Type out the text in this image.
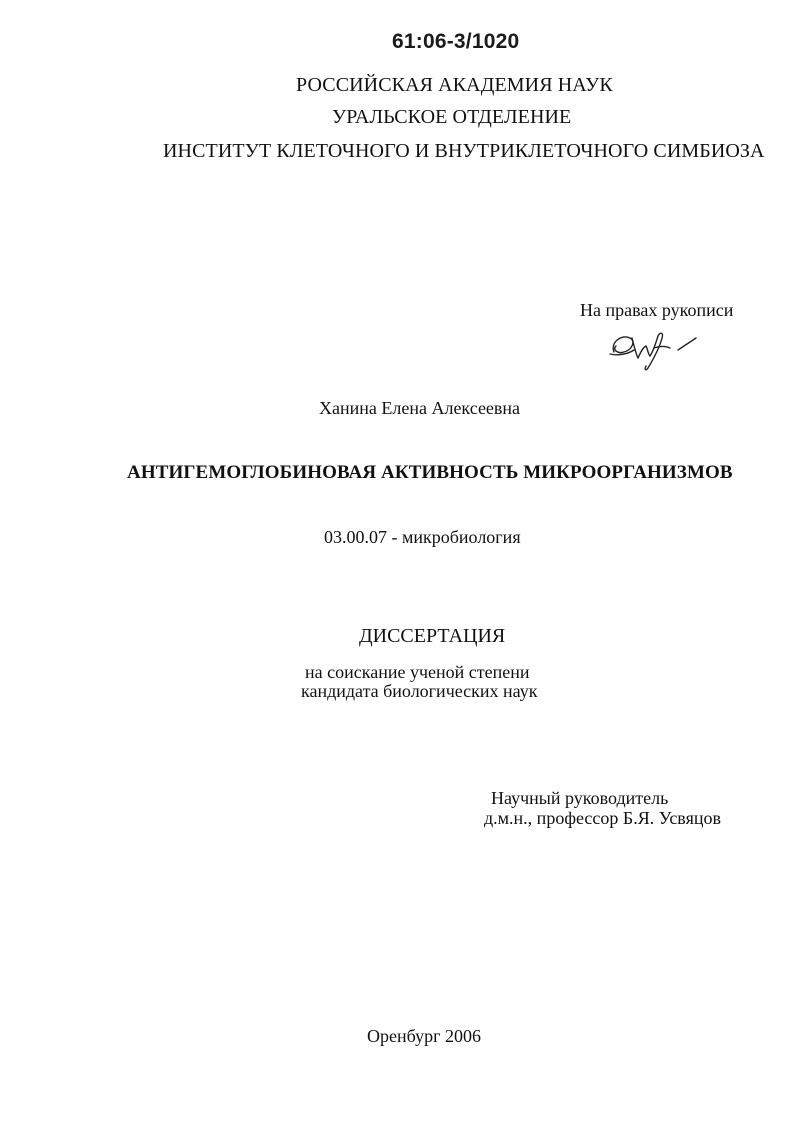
61:06-3/1020
РОССИЙСКАЯ АКАДЕМИЯ НАУК
УРАЛЬСКОЕ ОТДЕЛЕНИЕ
ИНСТИТУТ КЛЕТОЧНОГО И ВНУТРИКЛЕТОЧНОГО СИМБИОЗА
На правах рукописи
Ханина Елена Алексеевна
АНТИГЕМОГЛОБИНОВАЯ АКТИВНОСТЬ МИКРООРГАНИЗМОВ
03.00.07 - микробиология
ДИССЕРТАЦИЯ
на соискание ученой степени
кандидата биологических наук
Научный руководитель
д.м.н., профессор Б.Я. Усвяцов
Оренбург 2006
